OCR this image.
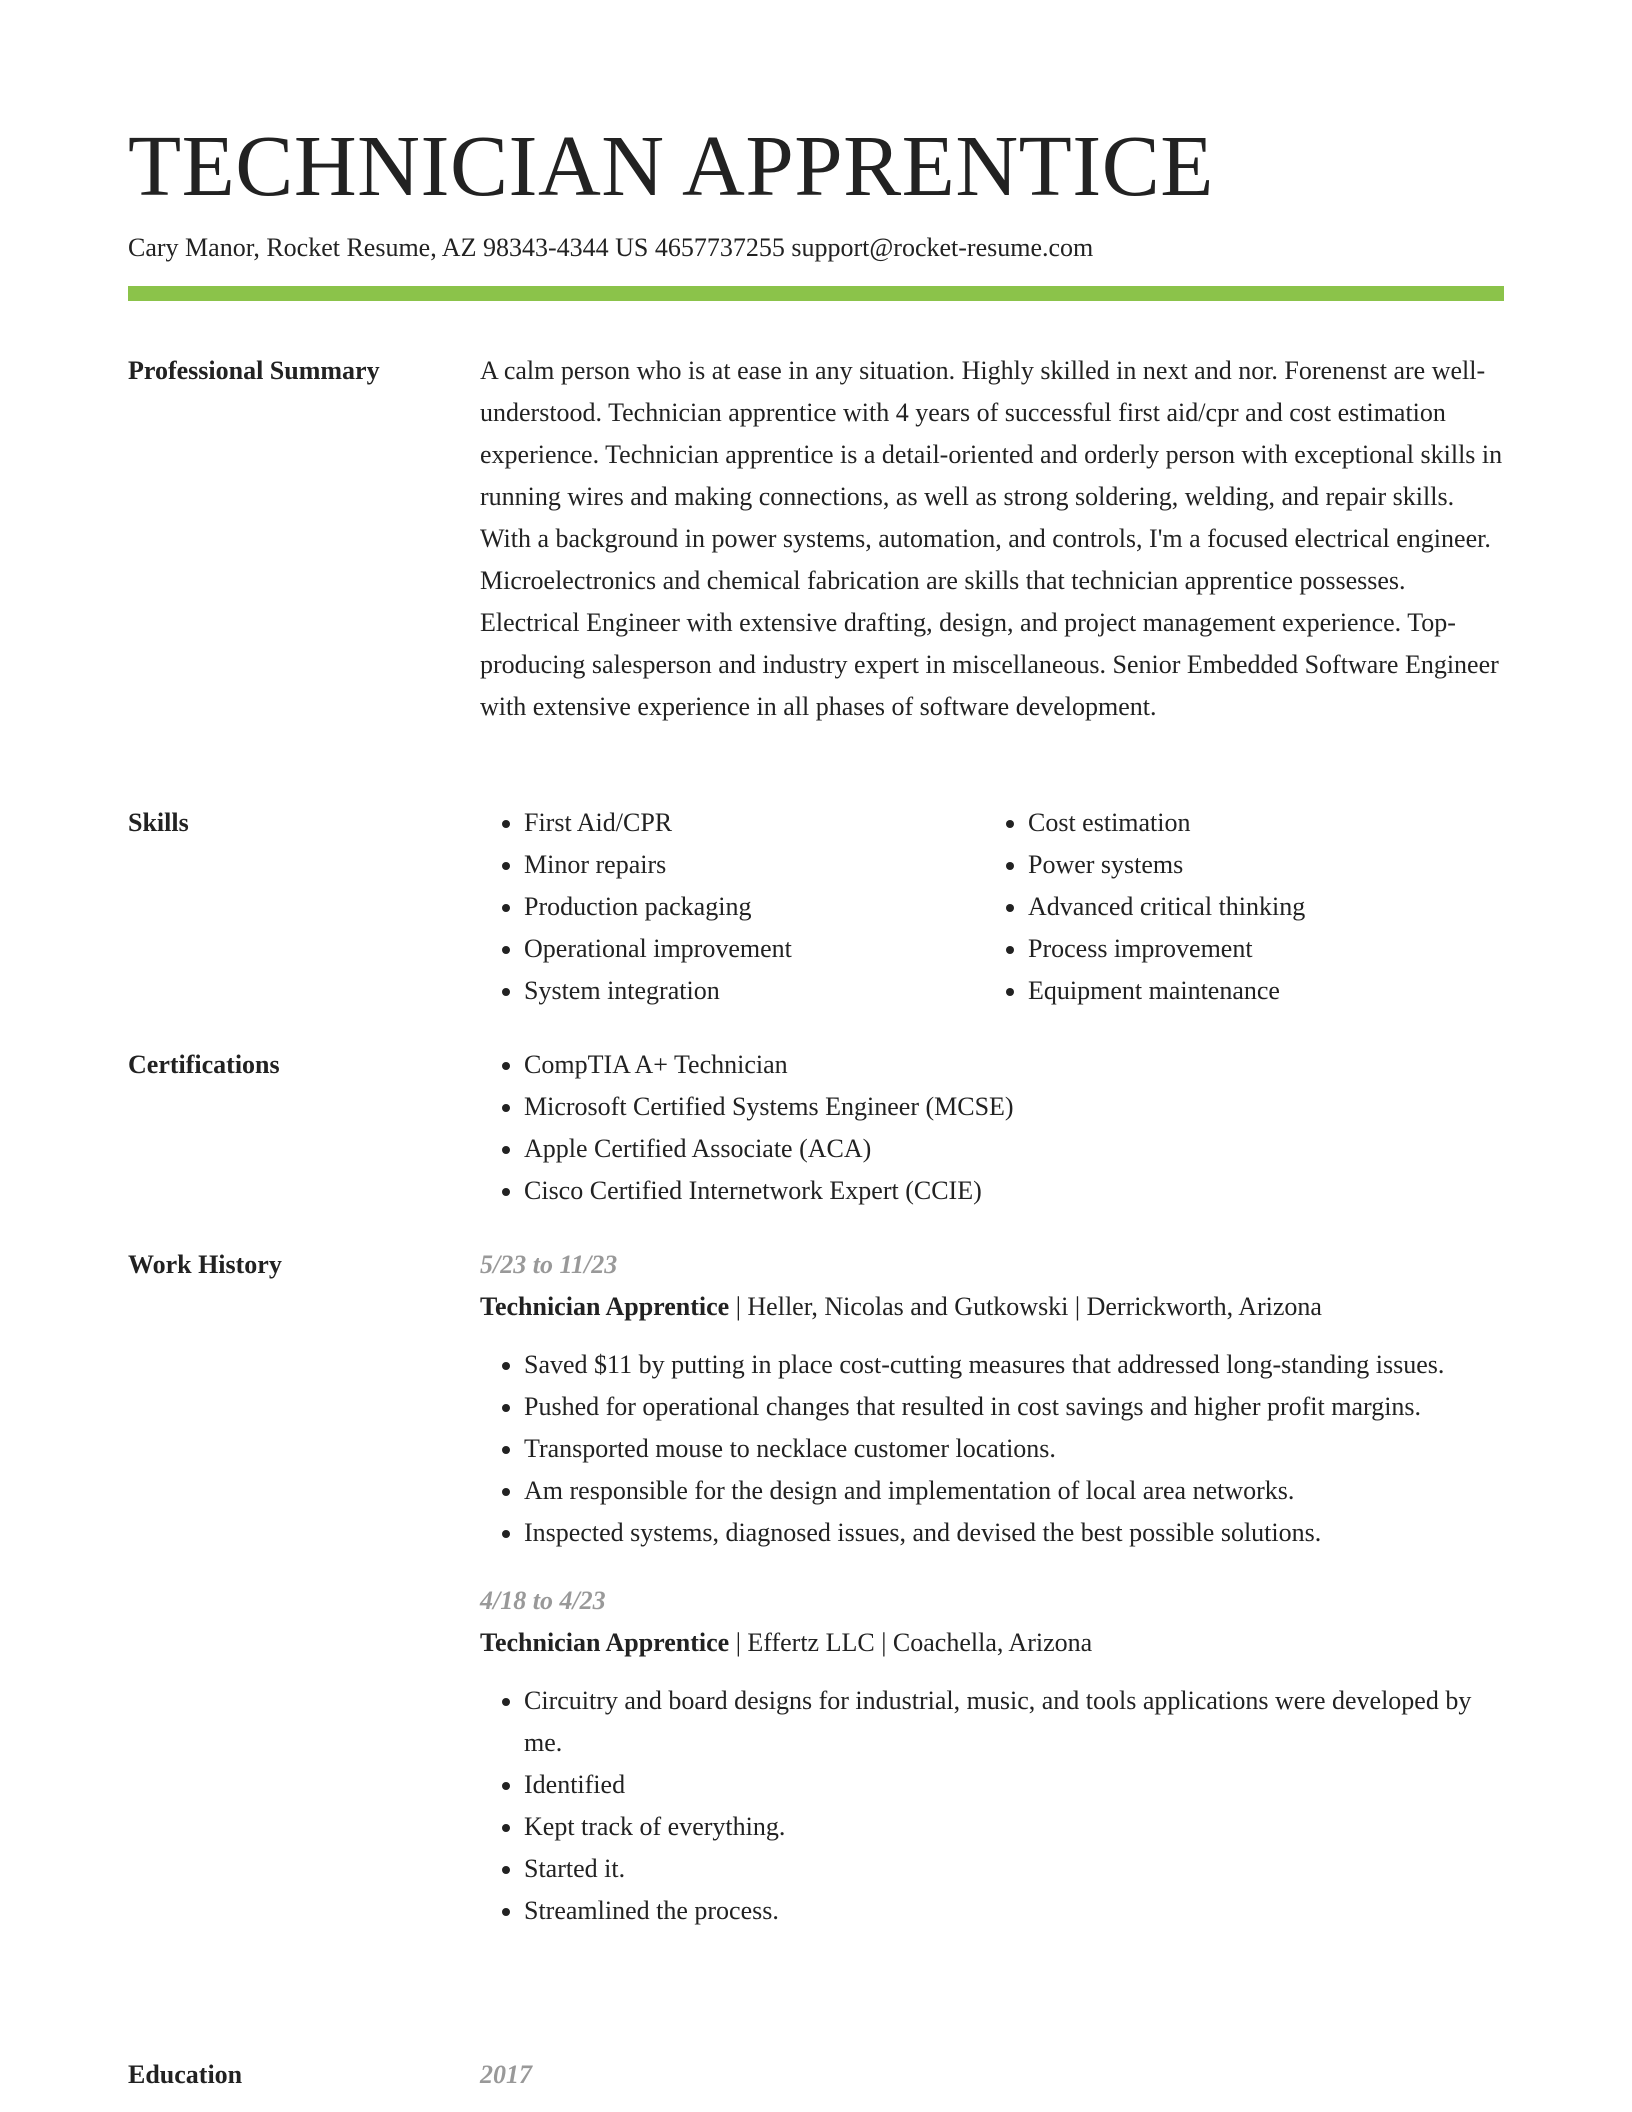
TECHNICIAN APPRENTICE
Cary Manor, Rocket Resume, AZ 98343-4344 US 4657737255 support@rocket-resume.com
Professional Summary	A calm person who is at ease in any situation. Highly skilled in next and nor. Forenenst are well-understood. Technician apprentice with 4 years of successful first aid/cpr and cost estimation experience. Technician apprentice is a detail-oriented and orderly person with exceptional skills in running wires and making connections, as well as strong soldering, welding, and repair skills. With a background in power systems, automation, and controls, I'm a focused electrical engineer. Microelectronics and chemical fabrication are skills that technician apprentice possesses. Electrical Engineer with extensive drafting, design, and project management experience. Top-producing salesperson and industry expert in miscellaneous. Senior Embedded Software Engineer with extensive experience in all phases of software development.

Skills	• First Aid/CPR
• Minor repairs
• Production packaging
• Operational improvement
• System integration
• Cost estimation
• Power systems
• Advanced critical thinking
• Process improvement
• Equipment maintenance
Certifications	• CompTIA A+ Technician
• Microsoft Certified Systems Engineer (MCSE)
• Apple Certified Associate (ACA)
• Cisco Certified Internetwork Expert (CCIE)
Work History	5/23 to 11/23
Technician Apprentice | Heller, Nicolas and Gutkowski | Derrickworth, Arizona
• Saved $11 by putting in place cost-cutting measures that addressed long-standing issues.
• Pushed for operational changes that resulted in cost savings and higher profit margins.
• Transported mouse to necklace customer locations.
• Am responsible for the design and implementation of local area networks.
• Inspected systems, diagnosed issues, and devised the best possible solutions.
4/18 to 4/23
Technician Apprentice | Effertz LLC | Coachella, Arizona
• Circuitry and board designs for industrial, music, and tools applications were developed by me.
• Identified
• Kept track of everything.
• Started it.
• Streamlined the process.
Education	2017
